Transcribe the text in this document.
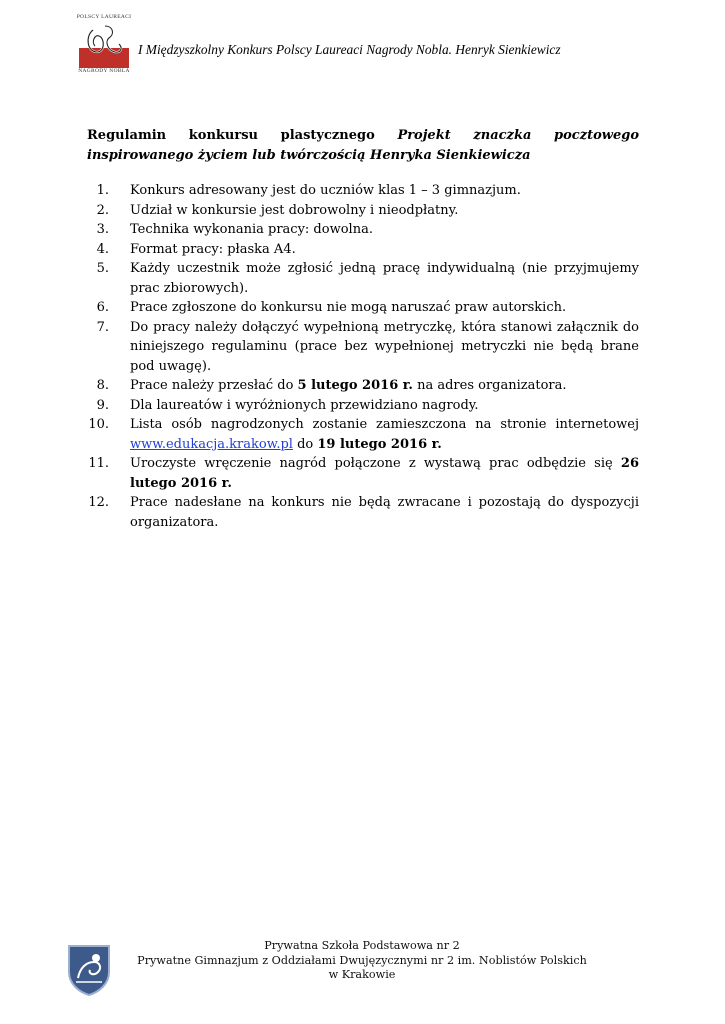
POLSCY LAUREACI
NAGRODY NOBLA
I Międzyszkolny Konkurs Polscy Laureaci Nagrody Nobla. Henryk Sienkiewicz
Regulamin konkursu plastycznego Projekt znaczka pocztowego inspirowanego życiem lub twórczością Henryka Sienkiewicza
1. Konkurs adresowany jest do uczniów klas 1 – 3 gimnazjum.
2. Udział w konkursie jest dobrowolny i nieodpłatny.
3. Technika wykonania pracy: dowolna.
4. Format pracy: płaska A4.
5. Każdy uczestnik może zgłosić jedną pracę indywidualną (nie przyjmujemy prac zbiorowych).
6. Prace zgłoszone do konkursu nie mogą naruszać praw autorskich.
7. Do pracy należy dołączyć wypełnioną metryczkę, która stanowi załącznik do niniejszego regulaminu (prace bez wypełnionej metryczki nie będą brane pod uwagę).
8. Prace należy przesłać do 5 lutego 2016 r. na adres organizatora.
9. Dla laureatów i wyróżnionych przewidziano nagrody.
10. Lista osób nagrodzonych zostanie zamieszczona na stronie internetowej www.edukacja.krakow.pl do 19 lutego 2016 r.
11. Uroczyste wręczenie nagród połączone z wystawą prac odbędzie się 26 lutego 2016 r.
12. Prace nadesłane na konkurs nie będą zwracane i pozostają do dyspozycji organizatora.
Prywatna Szkoła Podstawowa nr 2
Prywatne Gimnazjum z Oddziałami Dwujęzycznymi nr 2 im. Noblistów Polskich
w Krakowie
